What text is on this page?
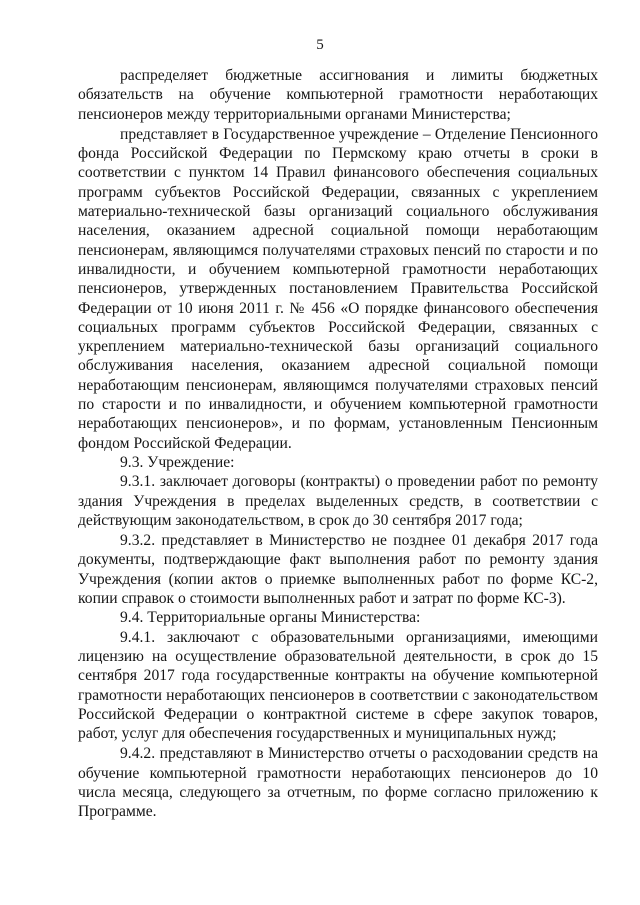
5

распределяет бюджетные ассигнования и лимиты бюджетных обязательств на обучение компьютерной грамотности неработающих пенсионеров между территориальными органами Министерства;

представляет в Государственное учреждение – Отделение Пенсионного фонда Российской Федерации по Пермскому краю отчеты в сроки в соответствии с пунктом 14 Правил финансового обеспечения социальных программ субъектов Российской Федерации, связанных с укреплением материально-технической базы организаций социального обслуживания населения, оказанием адресной социальной помощи неработающим пенсионерам, являющимся получателями страховых пенсий по старости и по инвалидности, и обучением компьютерной грамотности неработающих пенсионеров, утвержденных постановлением Правительства Российской Федерации от 10 июня 2011 г. № 456 «О порядке финансового обеспечения социальных программ субъектов Российской Федерации, связанных с укреплением материально-технической базы организаций социального обслуживания населения, оказанием адресной социальной помощи неработающим пенсионерам, являющимся получателями страховых пенсий по старости и по инвалидности, и обучением компьютерной грамотности неработающих пенсионеров», и по формам, установленным Пенсионным фондом Российской Федерации.

9.3. Учреждение:

9.3.1. заключает договоры (контракты) о проведении работ по ремонту здания Учреждения в пределах выделенных средств, в соответствии с действующим законодательством, в срок до 30 сентября 2017 года;

9.3.2. представляет в Министерство не позднее 01 декабря 2017 года документы, подтверждающие факт выполнения работ по ремонту здания Учреждения (копии актов о приемке выполненных работ по форме КС-2, копии справок о стоимости выполненных работ и затрат по форме КС-3).

9.4. Территориальные органы Министерства:

9.4.1. заключают с образовательными организациями, имеющими лицензию на осуществление образовательной деятельности, в срок до 15 сентября 2017 года государственные контракты на обучение компьютерной грамотности неработающих пенсионеров в соответствии с законодательством Российской Федерации о контрактной системе в сфере закупок товаров, работ, услуг для обеспечения государственных и муниципальных нужд;

9.4.2. представляют в Министерство отчеты о расходовании средств на обучение компьютерной грамотности неработающих пенсионеров до 10 числа месяца, следующего за отчетным, по форме согласно приложению к Программе.
